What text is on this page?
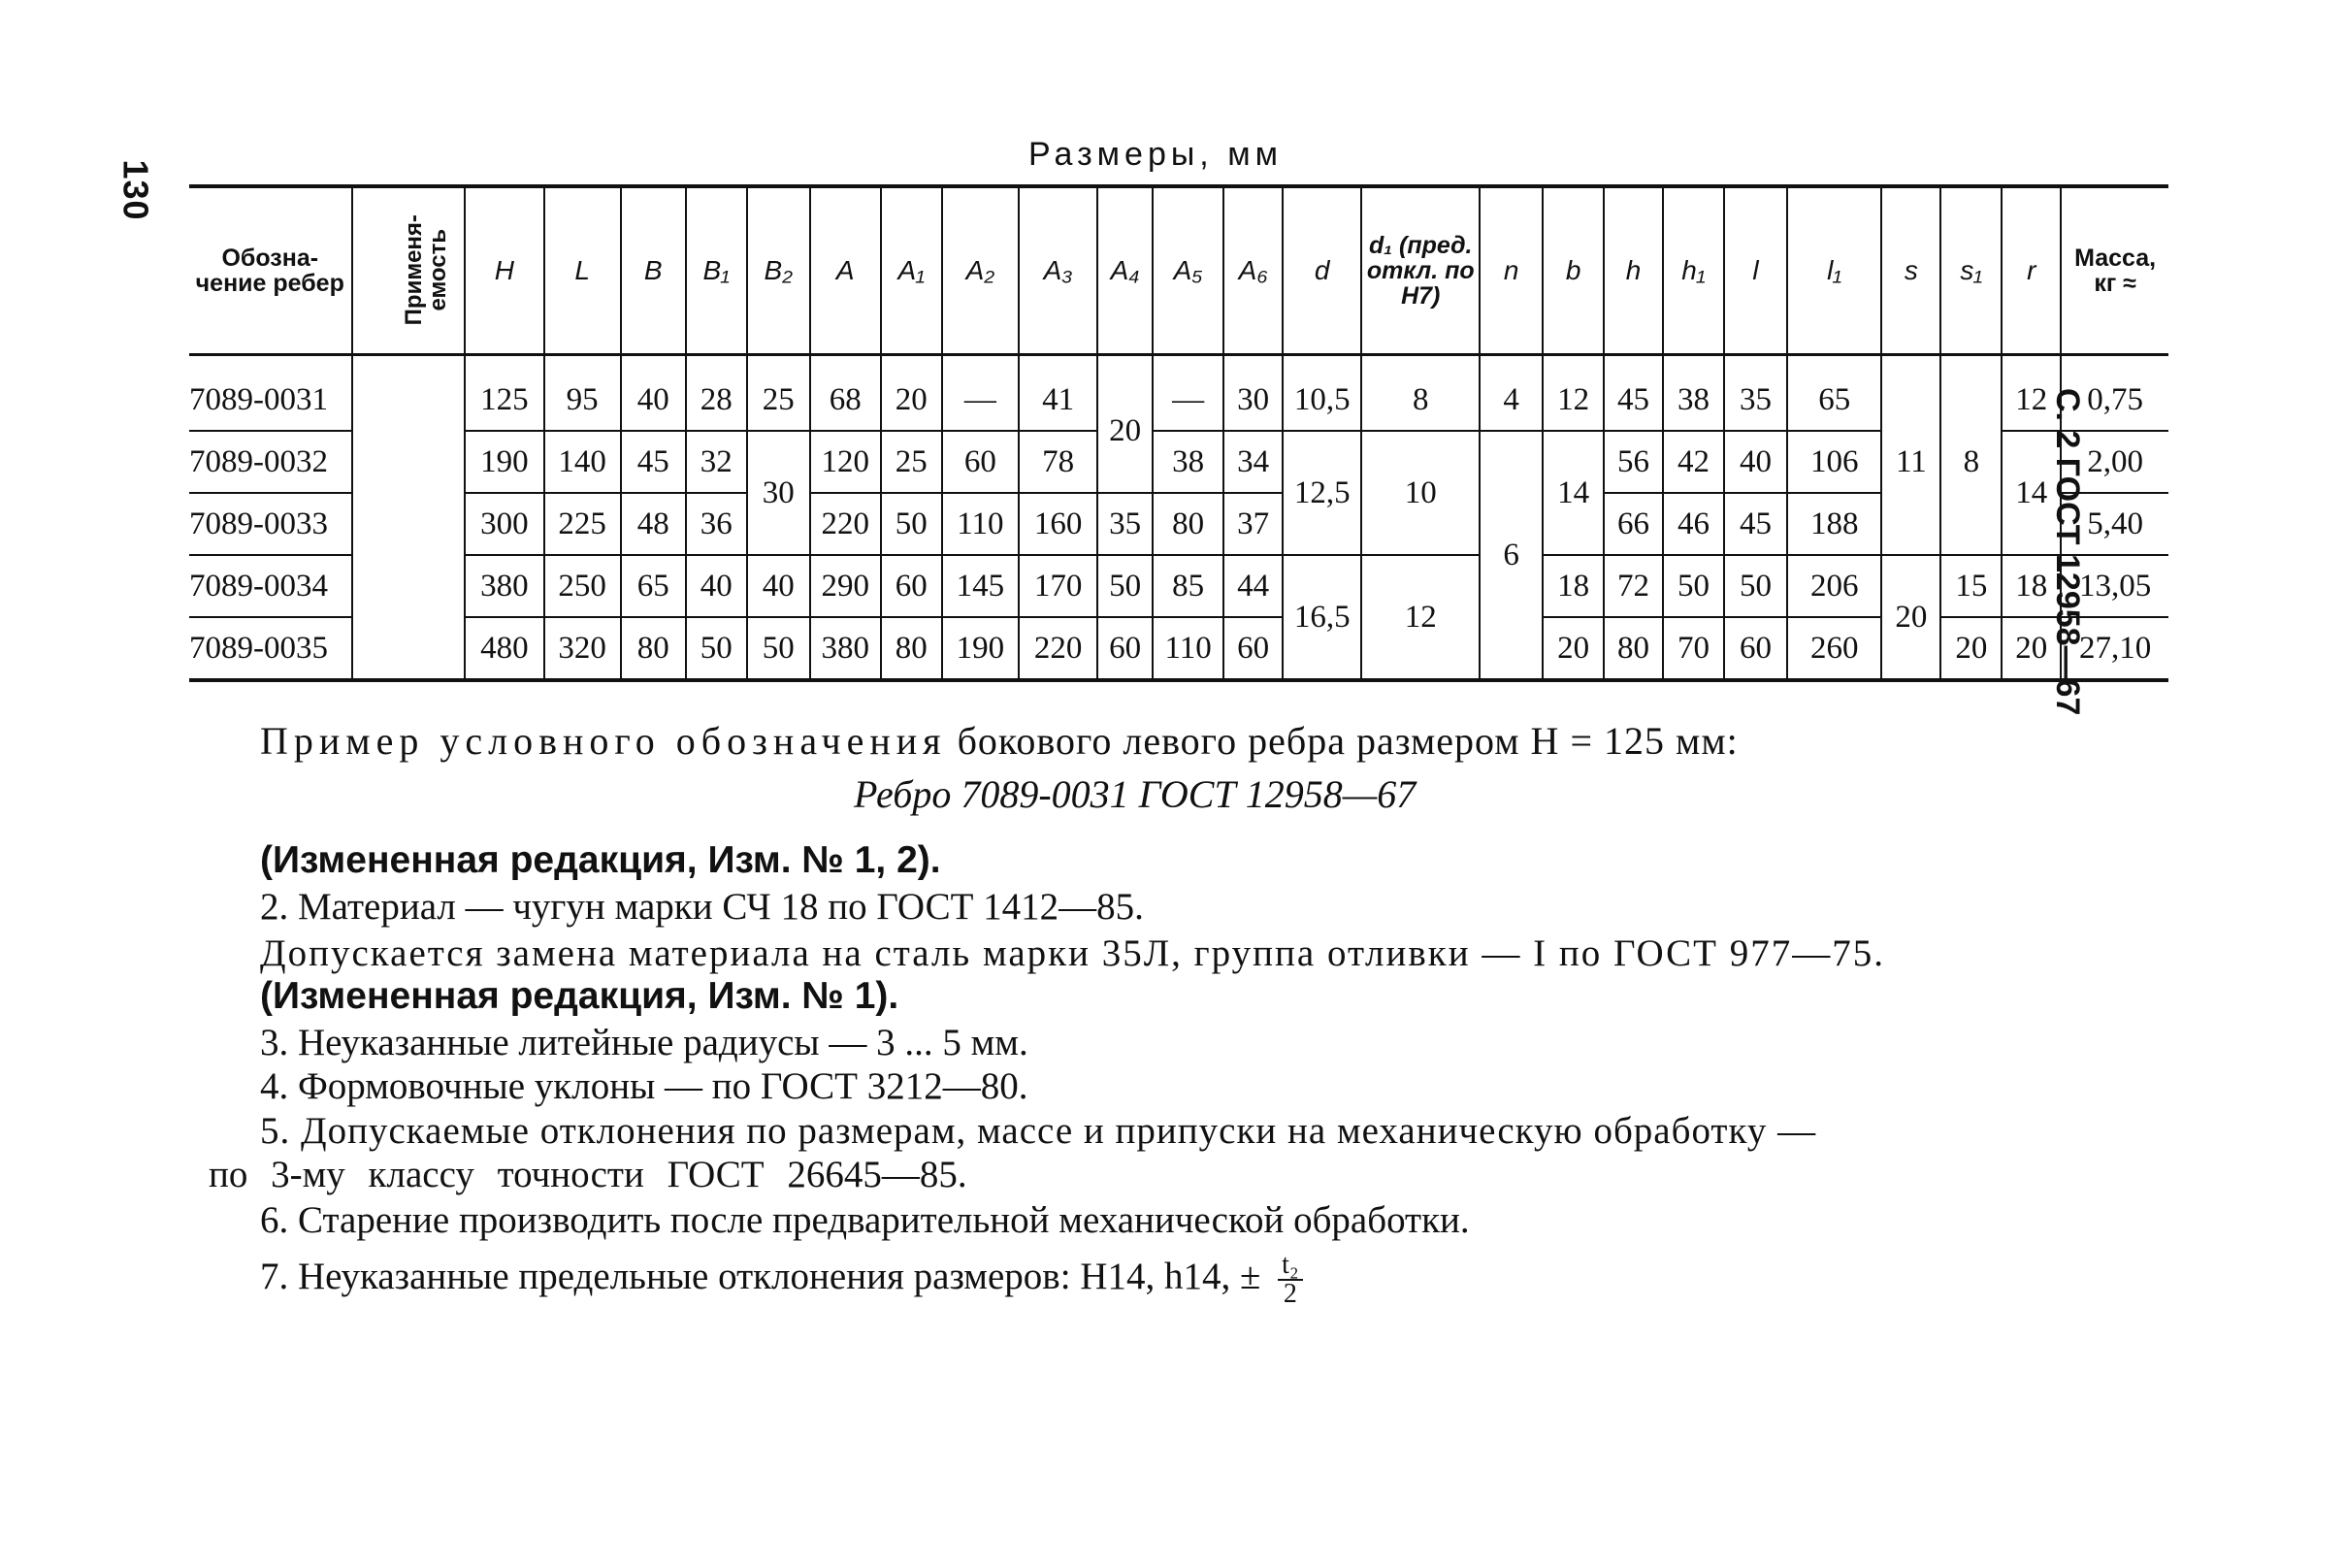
130
С. 2 ГОСТ 12958—67
Размеры, мм
Обозна-чение ребер	Применя-емость	H	L	B	B₁	B₂	A	A₁	A₂	A₃	A₄	A₅	A₆	d	d₁ (пред. откл. по H7)	n	b	h	h₁	l	l₁	s	s₁	r	Масса, кг ≈
7089-0031		125	95	40	28	25	68	20	—	41	20	—	30	10,5	8	4	12	45	38	35	65	11	8	12	0,75
7089-0032		190	140	45	32	30	120	25	60	78		38	34	12,5	10	6	14	56	42	40	106			14	2,00
7089-0033		300	225	48	36		220	50	110	160	35	80	37					66	46	45	188				5,40
7089-0034		380	250	65	40	40	290	60	145	170	50	85	44	16,5	12		18	72	50	50	206	20	15	18	13,05
7089-0035		480	320	80	50	50	380	80	190	220	60	110	60				20	80	70	60	260		20	20	27,10
Пример условного обозначения бокового левого ребра размером H = 125 мм:
Ребро 7089-0031 ГОСТ 12958—67
(Измененная редакция, Изм. № 1, 2).
2. Материал — чугун марки СЧ 18 по ГОСТ 1412—85.
Допускается замена материала на сталь марки 35Л, группа отливки — I по ГОСТ 977—75.
(Измененная редакция, Изм. № 1).
3. Неуказанные литейные радиусы — 3 ... 5 мм.
4. Формовочные уклоны — по ГОСТ 3212—80.
5. Допускаемые отклонения по размерам, массе и припуски на механическую обработку —
по 3-му классу точности ГОСТ 26645—85.
6. Старение производить после предварительной механической обработки.
7. Неуказанные предельные отклонения размеров: H14, h14, ± $\frac{\text{t₂}}{2}$
